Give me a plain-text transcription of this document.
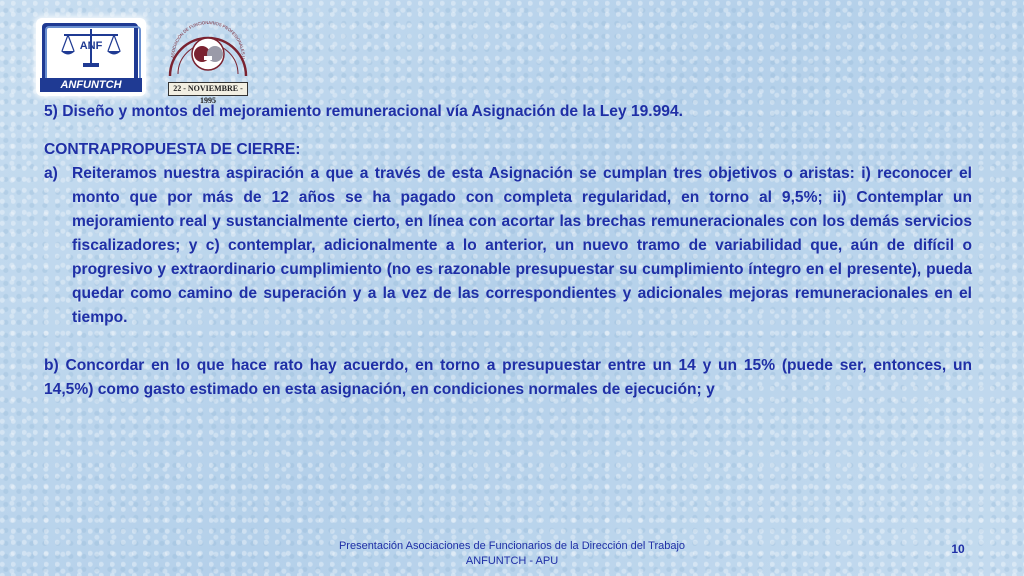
ANF
ANFUNTCH
ASOCIACIÓN DE FUNCIONARIOS PROFESIONALES U
22 - NOVIEMBRE - 1995

5) Diseño y montos del mejoramiento remuneracional vía Asignación de la Ley 19.994.

CONTRAPROPUESTA DE CIERRE:

a) Reiteramos nuestra aspiración a que a través de esta Asignación se cumplan tres objetivos o aristas: i) reconocer el monto que por más de 12 años se ha pagado con completa regularidad, en torno al 9,5%; ii) Contemplar un mejoramiento real y sustancialmente cierto, en línea con acortar las brechas remuneracionales con los demás servicios fiscalizadores; y c) contemplar, adicionalmente a lo anterior, un nuevo tramo de variabilidad que, aún de difícil o progresivo y extraordinario cumplimiento (no es razonable presupuestar su cumplimiento íntegro en el presente), pueda quedar como camino de superación y a la vez de las correspondientes y adicionales mejoras remuneracionales en el tiempo.

b) Concordar en lo que hace rato hay acuerdo, en torno a presupuestar entre un 14 y un 15% (puede ser, entonces, un 14,5%) como gasto estimado en esta asignación, en condiciones normales de ejecución; y

Presentación Asociaciones de Funcionarios de la Dirección del Trabajo
ANFUNTCH - APU
10
